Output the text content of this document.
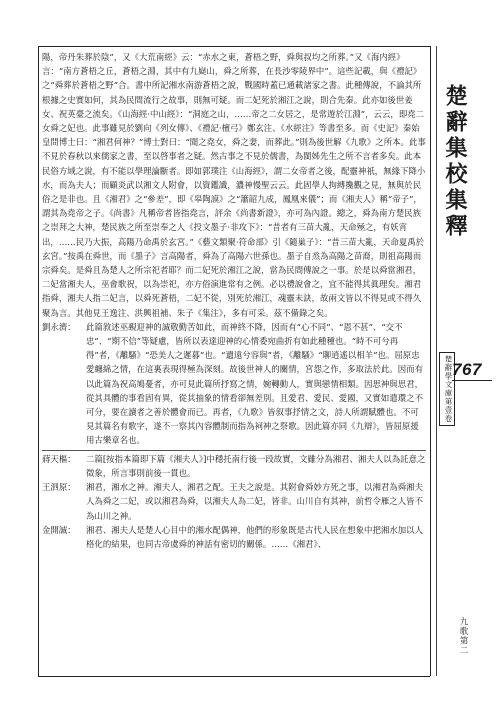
陽，帝丹朱葬於陰”，又《大荒南經》云：“赤水之東，蒼梧之野，舜與叔均之所葬。”又《海内經》言：“南方蒼梧之丘，蒼梧之淵，其中有九嶷山，舜之所葬，在長沙零陵界中”。這些記載，與《禮記》之“舜葬於蒼梧之野”合。書中所記湘水南游蒼梧之說，戰國時蓋已通載諸家之書。此種傳說，不論其所根據之史實如何，其為民間流行之故事，則無可疑。而二妃死於湘江之說，則合先秦。此亦如後世姜女、祝英臺之流矣。《山海經·中山經》：“洞庭之山，……帝之二女居之，是常遊於江淵”，云云，即堯二女舜之妃也。此事雖見於劉向《列女傳》、《禮記·檀弓》鄭玄注、《水經注》等書至多。而《史記》秦始皇問博士曰：“湘君何神？”博士對曰：“聞之堯女，舜之妻，而葬此。”則為後世解《九歌》之所本。此事不見於春秋以來儒家之書，至以啓事者之疑。然古事之不見於儒書，為閩姊先生之所不言者多矣。此本民俗方域之說，有不能以學理論斷者。即如郭璞注《山海經》，謂二女帝者之後，配靈神祇，無緣下降小水，而為夫人；而顧炎武以湘文人附會，以資鑑識，濃神慢聖云云。此固學人拘縛攙觀之見，無與於民俗之是非也。且《湘君》之“參差”，即《皋陶謨》之“簫韶九成，鳳凰來儀”；而《湘夫人》稱“帝子”，謂其為堯帝之子。《尚書》凡稱帝者皆指堯言，評余《尚書新證》，亦可為內證。總之，舜為南方楚民族之崇拜之大神，楚民族之所至崇奉之人《投文墨子·非攻下》：“昔者有三苗大亂，天命殛之，有妖宵出，……民乃大振，高陽乃命禹於玄宮。”《藝文類聚·符命部》引《隨巢子》：“昔三苗大亂，天命夏禹於玄宮。”按禹在舜世，而《墨子》言高陽者，舜為了高陽六世孫也。墨子自烝為高陽之苗裔，則祖高陽而宗舜矣。是舜且為楚人之所宗祀者耶？而二妃死於湘江之說，當為民間傳說之一事。於是以舜當湘君，二妃當湘夫人，巫會歌祝，以為崇祀，亦方俗演進常有之例。必以禮說會之，宜不能得其眞理矣。湘君指舜，湘夫人指二妃言，以舜死蒼梧，二妃不從，別死於湘江，魂靈未訣，故兩文皆以不得見或不得久聚為言。其他見王逸注、洪興祖補、朱子《集注》，多有可采。茲不備錄之矣。

劉永濟：	此篇敘述巫覡迎神的誠敬勤苦如此，而神終不降，因而有“心不同”、“恩不甚”、“交不忠”、“期不信”等疑慮，皆所以表達迎神的心情委宛曲折有如此種種也。“時不可兮再得”者，《離騷》“恐美人之遲暮”也。“遺遠兮容與”者，《離騷》“聊逍遙以相羊”也。屈原忠愛纏綿之情，在這裏表現得極為深刻。故後世神人的關情，宮怨之作，多取法於此。因而有以此篇為祝高鳩憂者，亦可見此篇所抒寫之情，婉轉動人，實與戀情相類。因思神與思君，從其具體的事看固有異，從其抽象的情看卻無差別。且愛君、愛民、愛國，又實如遣環之不可分，要在讀者之善於體會而已。再者，《九歌》皆叙事抒情之文，詩人所謂賦體也。不可見其篇名有歌字，遂不一察其內容體制而指為祠神之祭歌。因此篇亦同《九辯》，皆屈原援用古樂章名也。
蔣天樞：	二篇[按指本篇即下篇《湘夫人》]中穩托南行後一段故實，文雖分為湘君、湘夫人以為託意之徵象，所言事則前後一貫也。
王泗原：	湘君，湘水之神。湘夫人，湘君之配。王夫之說是。其附會舜妙方死之事，以湘君為舜湘夫人為舜之二妃，或以湘君為舜，以湘夫人為二妃，皆非。山川自有其神，前哲令雁之人皆不為山川之神。
金開誠：	湘君、湘夫人是楚人心目中的湘水配偶神，他們的形象既是古代人民在想象中把湘水加以人格化的結果，也同古帝虞舜的神話有密切的關係。……《湘君》、
楚辭集校集釋
楚辭學文庫第壹卷 767
九歌第二
